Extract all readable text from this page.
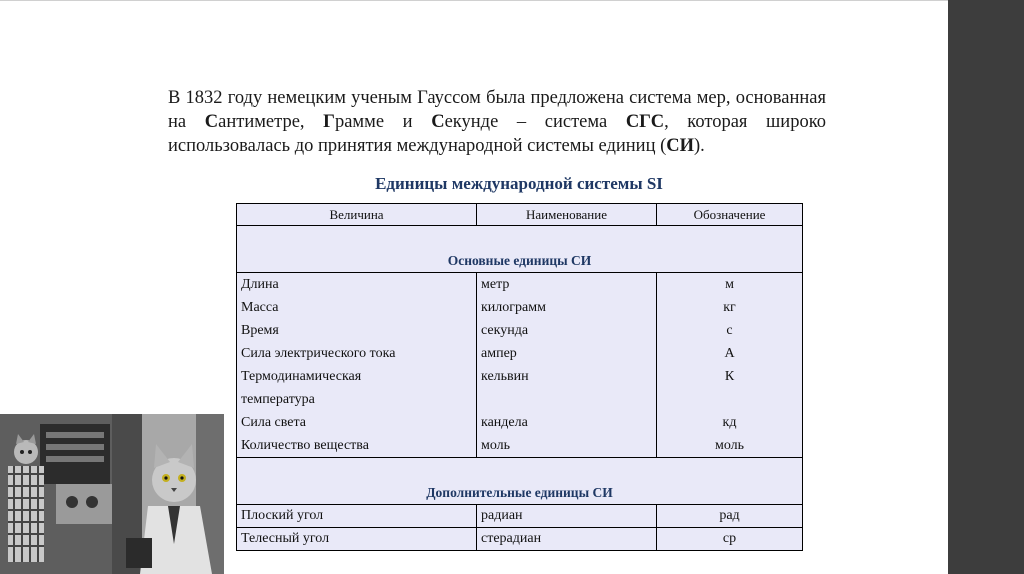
В 1832 году немецким ученым Гауссом была предложена система мер, основанная на Сантиметре, Грамме и Секунде – система СГС, которая широко использовалась до принятия международной системы единиц (СИ).
Единицы международной системы SI
Величина	Наименование	Обозначение
Основные единицы СИ		
Длина	метр	м
Масса	килограмм	кг
Время	секунда	с
Сила электрического тока	ампер	А
Термодинамическая	кельвин	К
температура		
Сила света	кандела	кд
Количество вещества	моль	моль
Дополнительные единицы СИ		
Плоский угол	радиан	рад
Телесный угол	стерадиан	ср
